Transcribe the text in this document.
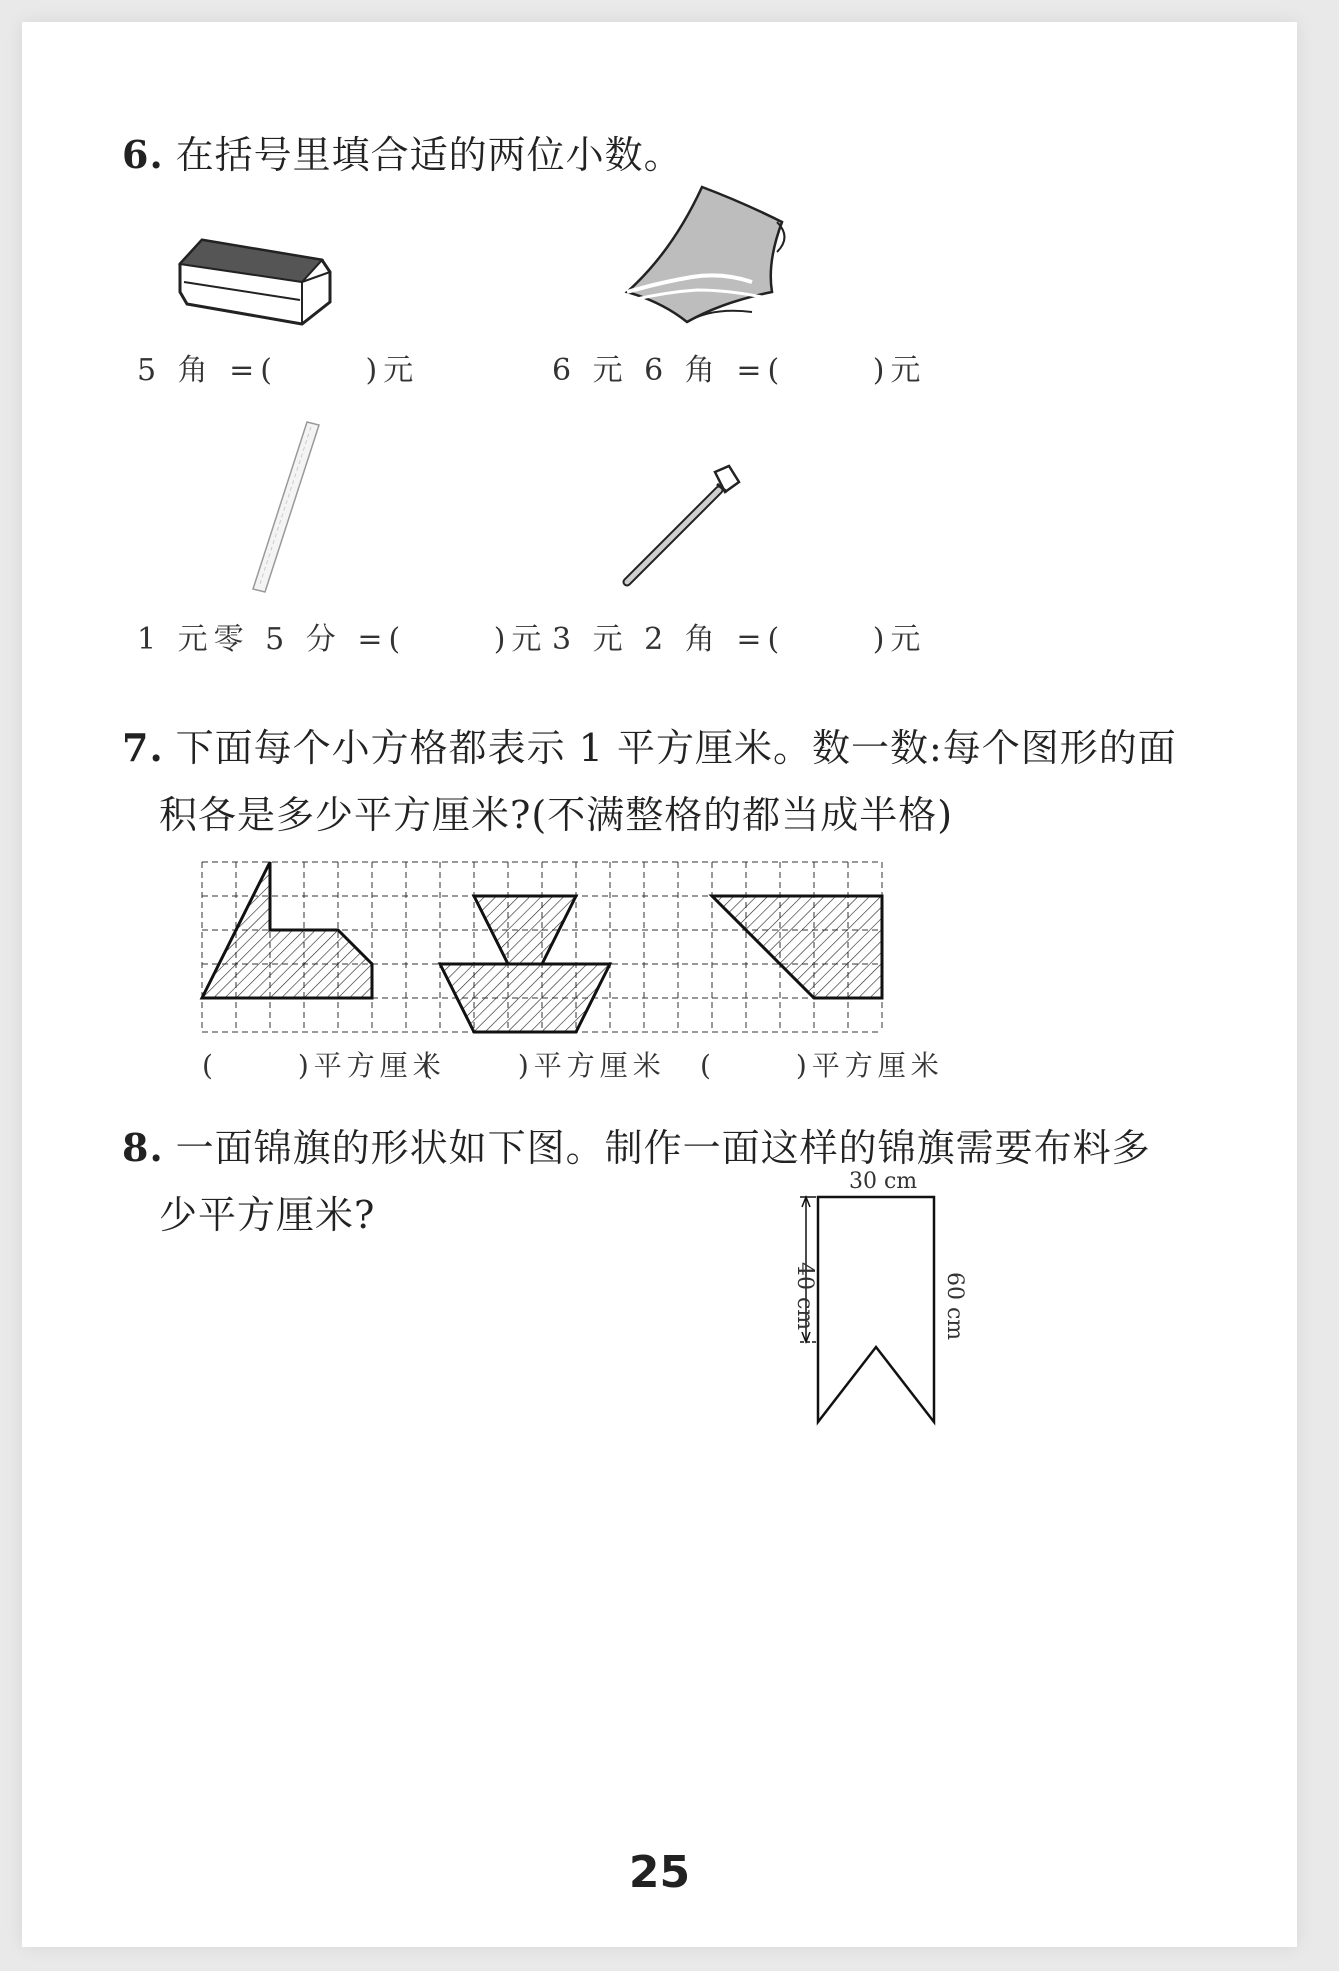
6. 在括号里填合适的两位小数。
5 角 =(　 　)元	6 元 6 角 =(　 　)元
1 元零 5 分 =(　 　)元 3 元 2 角 =(　 　)元
7. 下面每个小方格都表示 1 平方厘米。数一数:每个图形的面
积各是多少平方厘米?(不满整格的都当成半格)
(　 　)平方厘米
(　 　)平方厘米 (　 　)平方厘米
8. 一面锦旗的形状如下图。制作一面这样的锦旗需要布料多
少平方厘米?
30 cm
40 cm	60 cm
25
